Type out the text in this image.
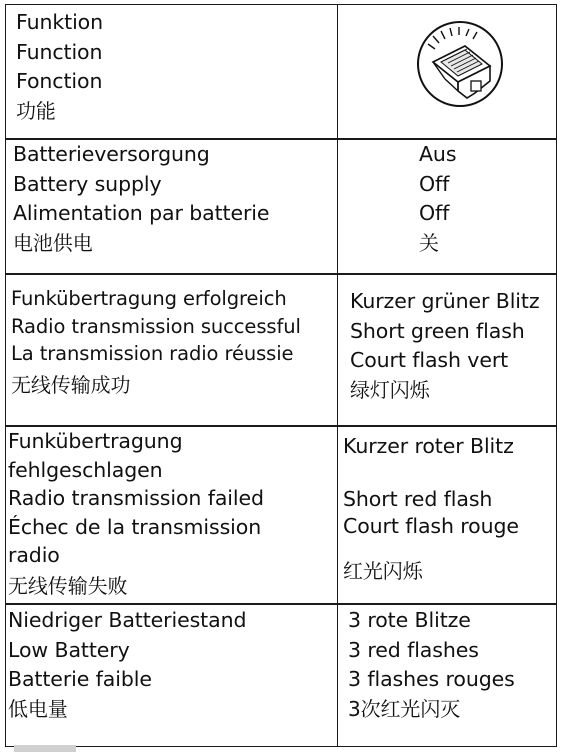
Funktion
Function
Fonction
功能
Batterieversorgung
Battery supply
Alimentation par batterie
电池供电
Aus
Off
Off
关
Funkübertragung erfolgreich
Radio transmission successful
La transmission radio réussie
无线传输成功
Kurzer grüner Blitz
Short green flash
Court flash vert
绿灯闪烁
Funkübertragung
fehlgeschlagen
Radio transmission failed
Échec de la transmission
radio
无线传输失败
Kurzer roter Blitz
Short red flash
Court flash rouge
红光闪烁
Niedriger Batteriestand
Low Battery
Batterie faible
低电量
3 rote Blitze
3 red flashes
3 flashes rouges
3次红光闪灭
